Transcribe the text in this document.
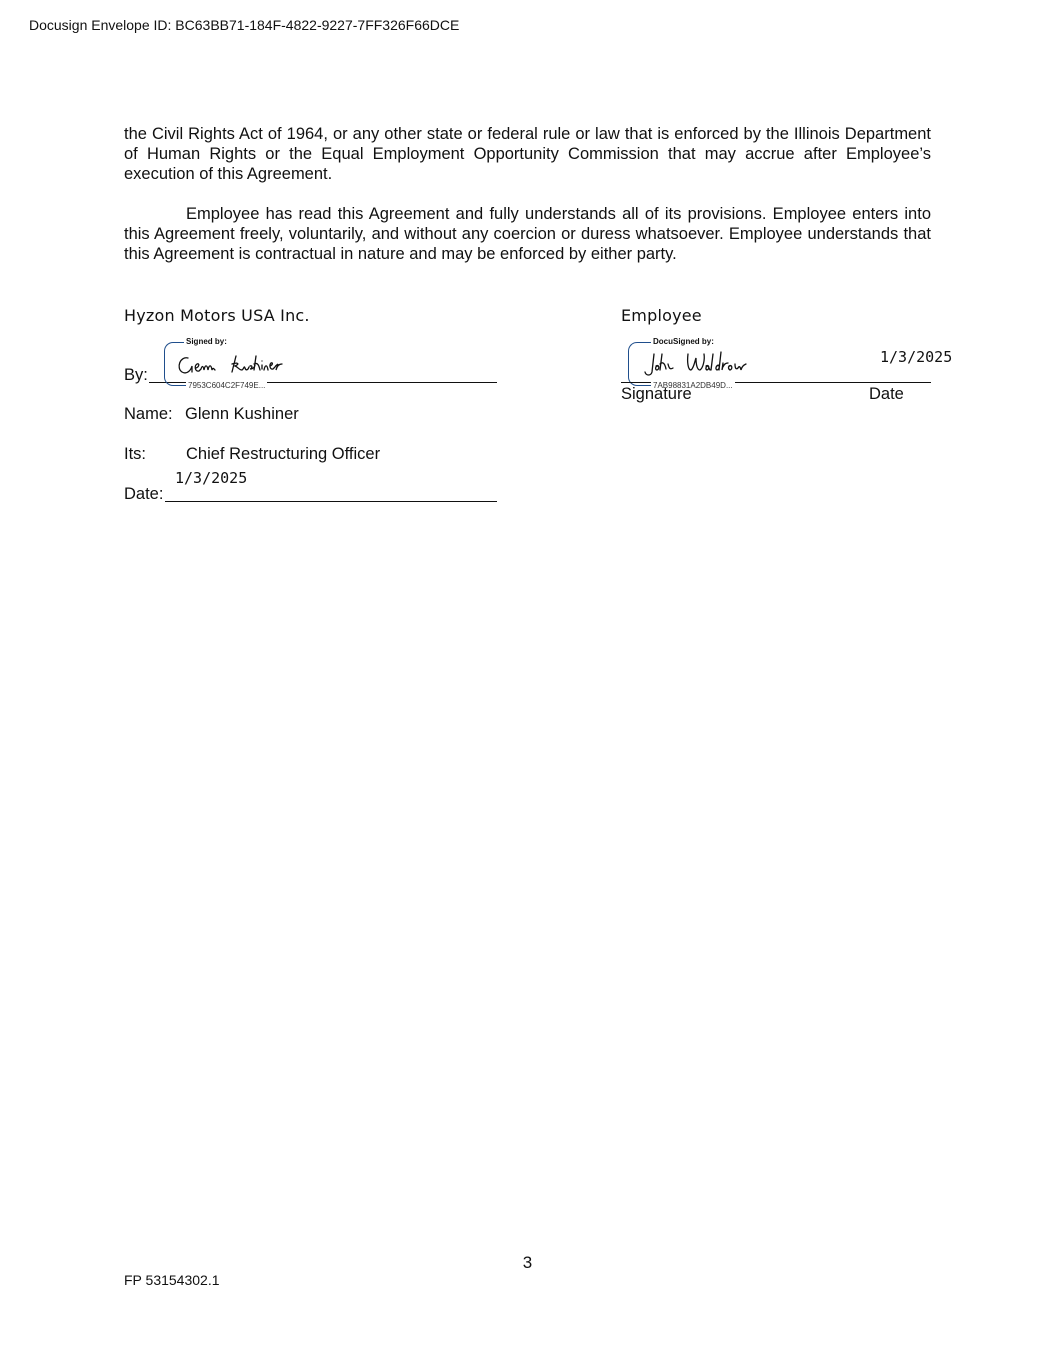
Docusign Envelope ID: BC63BB71-184F-4822-9227-7FF326F66DCE

the Civil Rights Act of 1964, or any other state or federal rule or law that is enforced by the Illinois Department of Human Rights or the Equal Employment Opportunity Commission that may accrue after Employee’s execution of this Agreement.

Employee has read this Agreement and fully understands all of its provisions. Employee enters into this Agreement freely, voluntarily, and without any coercion or duress whatsoever. Employee understands that this Agreement is contractual in nature and may be enforced by either party.

Hyzon Motors USA Inc.
By:
Signed by:
7953C604C2F749E...
Name: Glenn Kushiner
Its: Chief Restructuring Officer
1/3/2025
Date:
Employee
DocuSigned by:
1/3/2025
7AB98831A2DB49D...
Signature	Date
3
FP 53154302.1
